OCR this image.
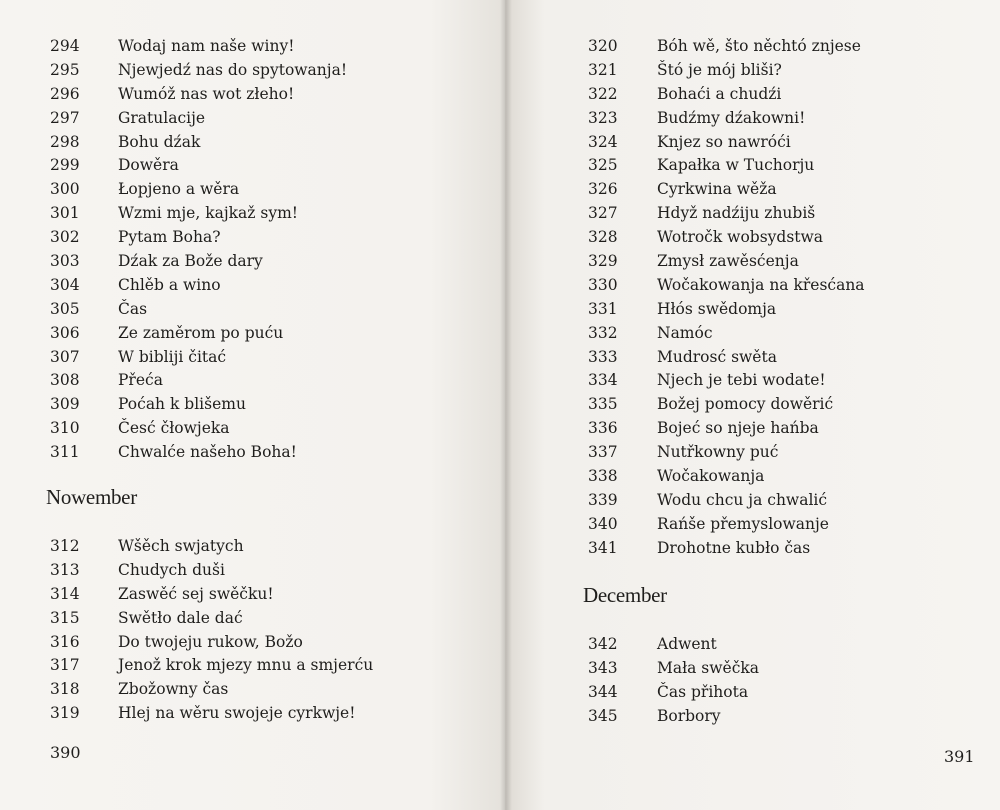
294	Wodaj nam naše winy!
295	Njewjedź nas do spytowanja!
296	Wumóž nas wot złeho!
297	Gratulacije
298	Bohu dźak
299	Dowěra
300	Łopjeno a wěra
301	Wzmi mje, kajkaž sym!
302	Pytam Boha?
303	Dźak za Bože dary
304	Chlěb a wino
305	Čas
306	Ze zaměrom po puću
307	W bibliji čitać
308	Přeća
309	Poćah k blišemu
310	Česć čłowjeka
311	Chwalće našeho Boha!
Nowember
312	Wšěch swjatych
313	Chudych duši
314	Zaswěć sej swěčku!
315	Swětło dale dać
316	Do twojeju rukow, Božo
317	Jenož krok mjezy mnu a smjerću
318	Zbožowny čas
319	Hlej na wěru swojeje cyrkwje!
390
320	Bóh wě, što něchtó znjese
321	Štó je mój bliši?
322	Bohaći a chudźi
323	Budźmy dźakowni!
324	Knjez so nawróći
325	Kapałka w Tuchorju
326	Cyrkwina wěža
327	Hdyž nadźiju zhubiš
328	Wotročk wobsydstwa
329	Zmysł zawěsćenja
330	Wočakowanja na křesćana
331	Hłós swědomja
332	Namóc
333	Mudrosć swěta
334	Njech je tebi wodate!
335	Božej pomocy dowěrić
336	Bojeć so njeje hańba
337	Nutřkowny puć
338	Wočakowanja
339	Wodu chcu ja chwalić
340	Rańše přemyslowanje
341	Drohotne kubło čas
December
342	Adwent
343	Mała swěčka
344	Čas přihota
345	Borbory
391
